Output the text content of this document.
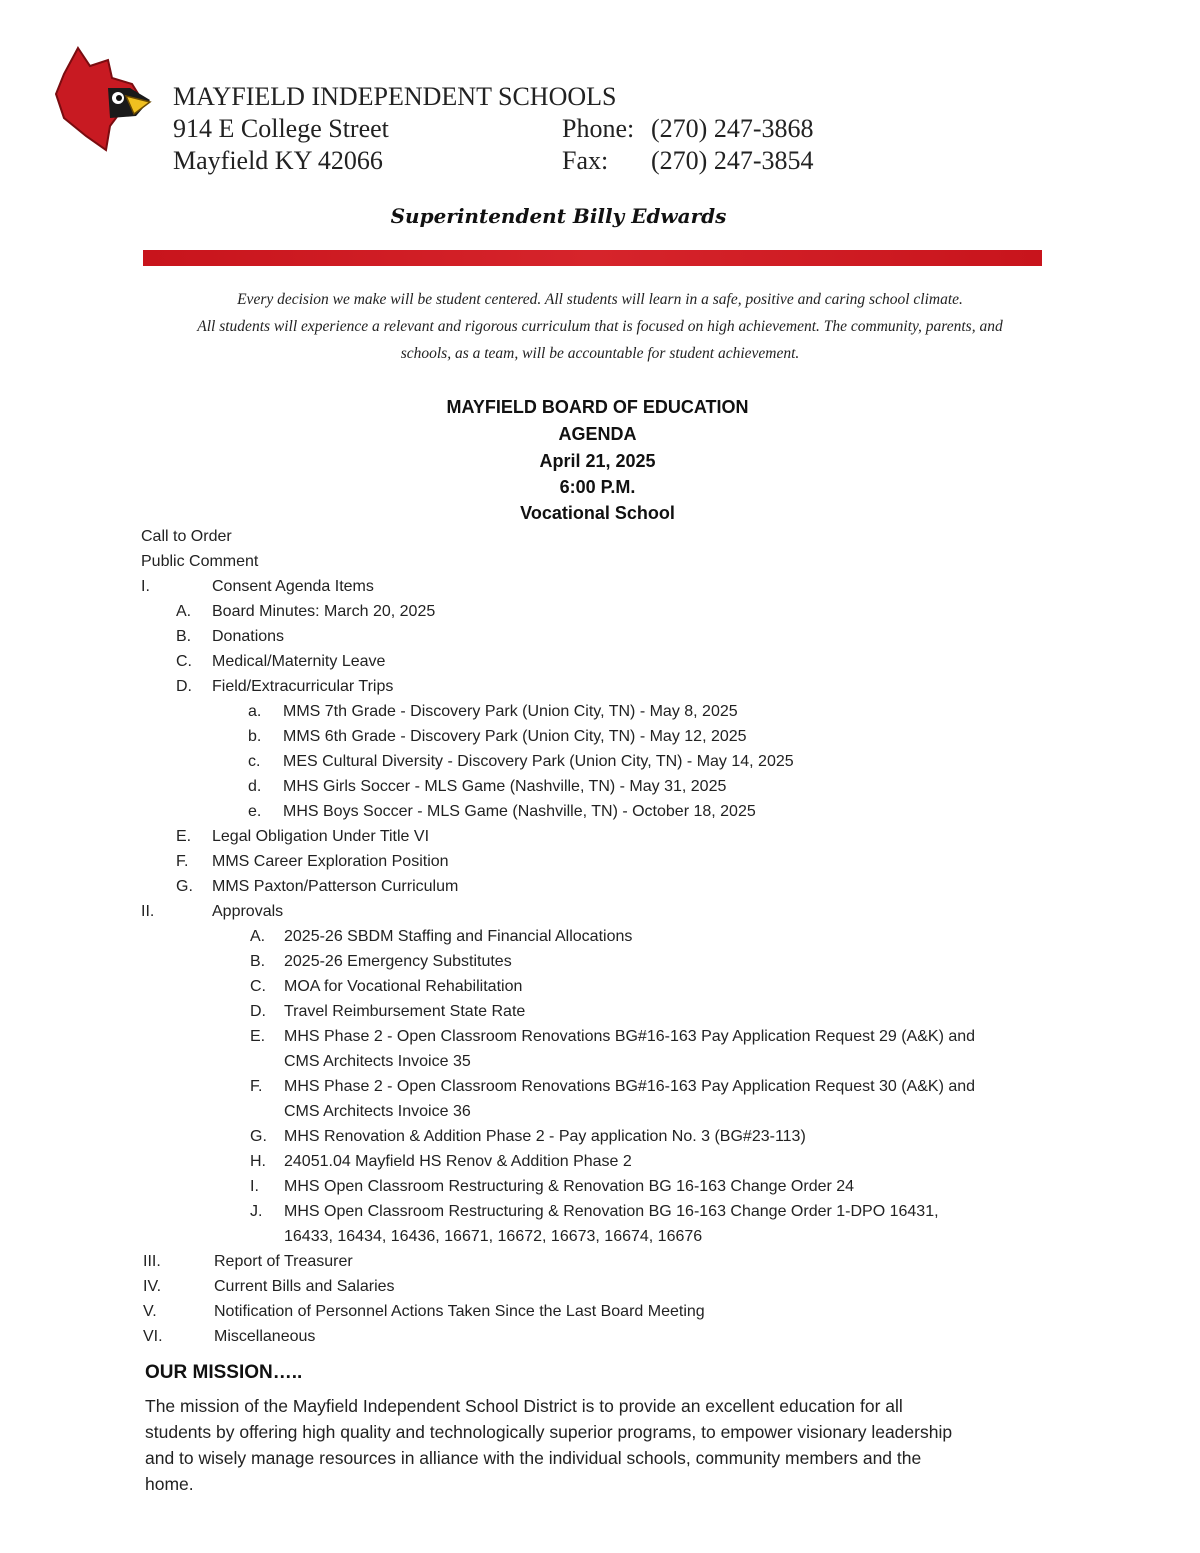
MAYFIELD INDEPENDENT SCHOOLS
914 E College Street
Mayfield KY 42066
Phone: (270) 247-3868
Fax: (270) 247-3854
Superintendent Billy Edwards
Every decision we make will be student centered. All students will learn in a safe, positive and caring school climate.
All students will experience a relevant and rigorous curriculum that is focused on high achievement. The community, parents, and
schools, as a team, will be accountable for student achievement.
MAYFIELD BOARD OF EDUCATION
AGENDA
April 21, 2025
6:00 P.M.
Vocational School
Call to Order
Public Comment
I.	Consent Agenda Items
A. Board Minutes: March 20, 2025
B. Donations
C. Medical/Maternity Leave
D. Field/Extracurricular Trips
a. MMS 7th Grade - Discovery Park (Union City, TN) - May 8, 2025
b. MMS 6th Grade - Discovery Park (Union City, TN) - May 12, 2025
c. MES Cultural Diversity - Discovery Park (Union City, TN) - May 14, 2025
d. MHS Girls Soccer - MLS Game (Nashville, TN) - May 31, 2025
e. MHS Boys Soccer - MLS Game (Nashville, TN) - October 18, 2025
E. Legal Obligation Under Title VI
F. MMS Career Exploration Position
G. MMS Paxton/Patterson Curriculum
II.	Approvals
A. 2025-26 SBDM Staffing and Financial Allocations
B. 2025-26 Emergency Substitutes
C. MOA for Vocational Rehabilitation
D. Travel Reimbursement State Rate
E. MHS Phase 2 - Open Classroom Renovations BG#16-163 Pay Application Request 29 (A&K) and
CMS Architects Invoice 35
F. MHS Phase 2 - Open Classroom Renovations BG#16-163 Pay Application Request 30 (A&K) and
CMS Architects Invoice 36
G. MHS Renovation & Addition Phase 2 - Pay application No. 3 (BG#23-113)
H. 24051.04 Mayfield HS Renov & Addition Phase 2
I. MHS Open Classroom Restructuring & Renovation BG 16-163 Change Order 24
J. MHS Open Classroom Restructuring & Renovation BG 16-163 Change Order 1-DPO 16431,
16433, 16434, 16436, 16671, 16672, 16673, 16674, 16676
III.	Report of Treasurer
IV.	Current Bills and Salaries
V.	Notification of Personnel Actions Taken Since the Last Board Meeting
VI.	Miscellaneous
OUR MISSION…..
The mission of the Mayfield Independent School District is to provide an excellent education for all
students by offering high quality and technologically superior programs, to empower visionary leadership
and to wisely manage resources in alliance with the individual schools, community members and the
home.
